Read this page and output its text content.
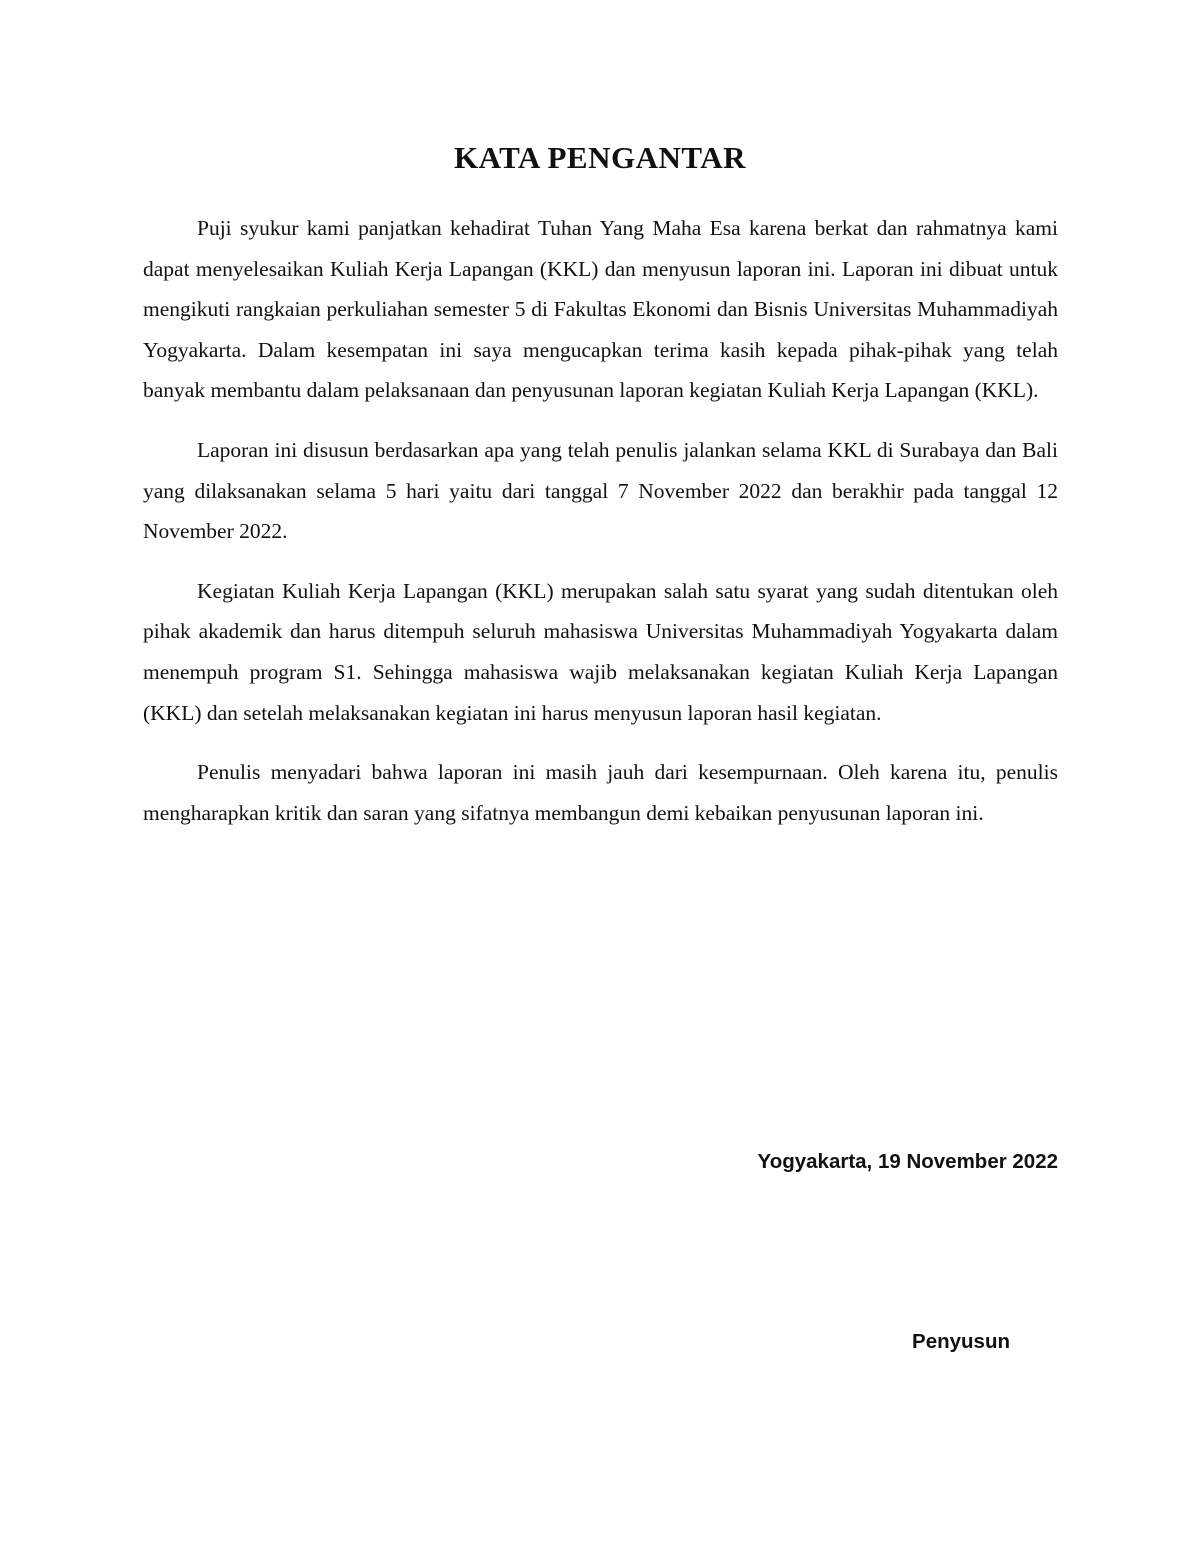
KATA PENGANTAR

Puji syukur kami panjatkan kehadirat Tuhan Yang Maha Esa karena berkat dan rahmatnya kami dapat menyelesaikan Kuliah Kerja Lapangan (KKL) dan menyusun laporan ini. Laporan ini dibuat untuk mengikuti rangkaian perkuliahan semester 5 di Fakultas Ekonomi dan Bisnis Universitas Muhammadiyah Yogyakarta. Dalam kesempatan ini saya mengucapkan terima kasih kepada pihak-pihak yang telah banyak membantu dalam pelaksanaan dan penyusunan laporan kegiatan Kuliah Kerja Lapangan (KKL).

Laporan ini disusun berdasarkan apa yang telah penulis jalankan selama KKL di Surabaya dan Bali yang dilaksanakan selama 5 hari yaitu dari tanggal 7 November 2022 dan berakhir pada tanggal 12 November 2022.

Kegiatan Kuliah Kerja Lapangan (KKL) merupakan salah satu syarat yang sudah ditentukan oleh pihak akademik dan harus ditempuh seluruh mahasiswa Universitas Muhammadiyah Yogyakarta dalam menempuh program S1. Sehingga mahasiswa wajib melaksanakan kegiatan Kuliah Kerja Lapangan (KKL) dan setelah melaksanakan kegiatan ini harus menyusun laporan hasil kegiatan.

Penulis menyadari bahwa laporan ini masih jauh dari kesempurnaan. Oleh karena itu, penulis mengharapkan kritik dan saran yang sifatnya membangun demi kebaikan penyusunan laporan ini.

Yogyakarta, 19 November 2022
Penyusun
